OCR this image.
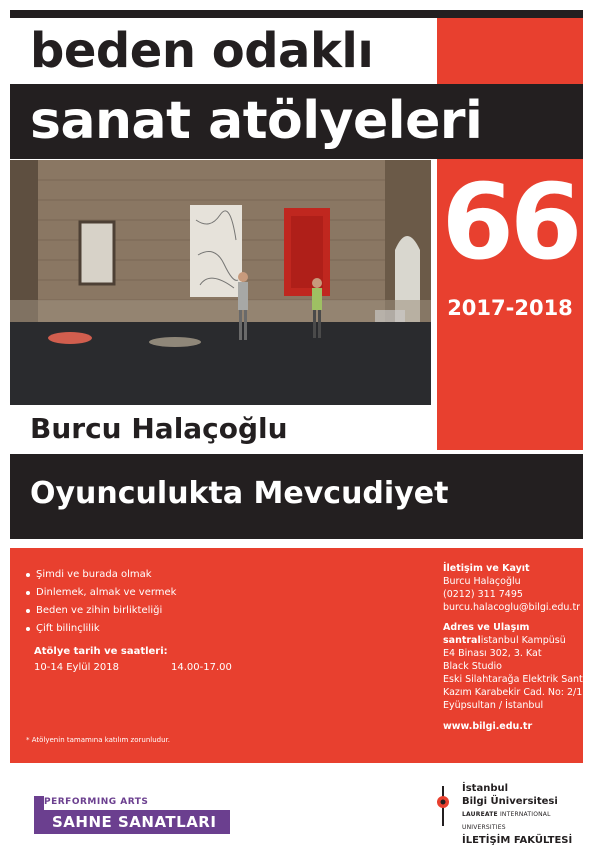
beden odaklı
sanat atölyeleri
66
2017-2018
Burcu Halaçoğlu
Oyunculukta Mevcudiyet
Şimdi ve burada olmak
Dinlemek, almak ve vermek
Beden ve zihin birlikteliği
Çift bilinçlilik
Atölye tarih ve saatleri:
10-14 Eylül 2018	14.00-17.00
* Atölyenin tamamına katılım zorunludur.
İletişim ve Kayıt
Burcu Halaçoğlu
(0212) 311 7495
burcu.halacoglu@bilgi.edu.tr
Adres ve Ulaşım
santralistanbul Kampüsü
E4 Binası 302, 3. Kat
Black Studio
Eski Silahtarağa Elektrik Santrali
Kazım Karabekir Cad. No: 2/13
Eyüpsultan / İstanbul
www.bilgi.edu.tr
PERFORMING ARTS
SAHNE SANATLARI
İstanbul
Bilgi Üniversitesi
LAUREATE INTERNATIONAL UNIVERSITIES
İLETİŞİM FAKÜLTESİ
